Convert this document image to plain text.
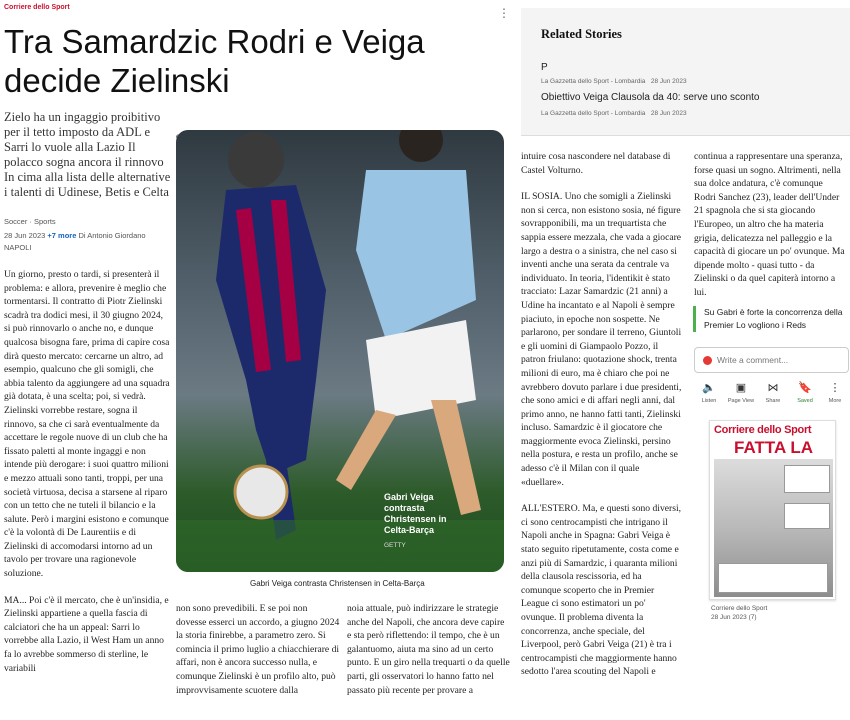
Corriere dello Sport	⋮
Tra Samardzic Rodri e Veiga decide Zielinski
Zielo ha un ingaggio proibitivo per il tetto imposto da ADL e Sarri lo vuole alla Lazio Il polacco sogna ancora il rinnovo In cima alla lista delle alternative i talenti di Udinese, Betis e Celta
Soccer · Sports
28 Jun 2023 +7 more Di Antonio Giordano
NAPOLI

Un giorno, presto o tardi, si presenterà il problema: e allora, prevenire è meglio che tormentarsi. Il contratto di Piotr Zielinski scadrà tra dodici mesi, il 30 giugno 2024, si può rinnovarlo o anche no, e dunque qualcosa bisogna fare, prima di capire cosa dirà questo mercato: cercarne un altro, ad esempio, qualcuno che gli somigli, che abbia talento da aggiungere ad una squadra già dotata, è una scelta; poi, si vedrà. Zielinski vorrebbe restare, sogna il rinnovo, sa che ci sarà eventualmente da accettare le regole nuove di un club che ha fissato paletti al monte ingaggi e non intende più derogare: i suoi quattro milioni e mezzo attuali sono tanti, troppi, per una società virtuosa, decisa a starsene al riparo con un tetto che ne tuteli il bilancio e la salute. Però i margini esistono e comunque c'è la volontà di De Laurentiis e di Zielinski di accomodarsi intorno ad un tavolo per trovare una ragionevole soluzione.

MA... Poi c'è il mercato, che è un'insidia, e Zielinski appartiene a quella fascia di calciatori che ha un appeal: Sarri lo vorrebbe alla Lazio, il West Ham un anno fa lo avrebbe sommerso di sterline, le variabili

Gabri Veiga contrasta Christensen in Celta-Barça
GETTY
Gabri Veiga contrasta Christensen in Celta-Barça

non sono prevedibili. E se poi non dovesse esserci un accordo, a giugno 2024 la storia finirebbe, a parametro zero. Si comincia il primo luglio a chiacchierare di affari, non è ancora successo nulla, e comunque Zielinski è un profilo alto, può improvvisamente scuotere dalla

noia attuale, può indirizzare le strategie anche del Napoli, che ancora deve capire e sta però riflettendo: il tempo, che è un galantuomo, aiuta ma sino ad un certo punto. E un giro nella trequarti o da quelle parti, gli osservatori lo hanno fatto nel passato più recente per provare a

intuire cosa nascondere nel database di Castel Volturno.

IL SOSIA. Uno che somigli a Zielinski non si cerca, non esistono sosia, né figure sovrapponibili, ma un trequartista che sappia essere mezzala, che vada a giocare largo a destra o a sinistra, che nel caso si inventi anche una serata da centrale va individuato. In teoria, l'identikit è stato tracciato: Lazar Samardzic (21 anni) a Udine ha incantato e al Napoli è sempre piaciuto, in epoche non sospette. Ne parlarono, per sondare il terreno, Giuntoli e gli uomini di Giampaolo Pozzo, il patron friulano: quotazione shock, trenta milioni di euro, ma è chiaro che poi ne avrebbero dovuto parlare i due presidenti, che sono amici e di affari negli anni, dal primo anno, ne hanno fatti tanti, Zielinski incluso. Samardzic è il giocatore che maggiormente evoca Zielinski, persino nella postura, e resta un profilo, anche se adesso c'è il Milan con il quale «duellare».

ALL'ESTERO. Ma, e questi sono diversi, ci sono centrocampisti che intrigano il Napoli anche in Spagna: Gabri Veiga è stato seguito ripetutamente, costa come e anzi più di Samardzic, i quaranta milioni della clausola rescissoria, ed ha comunque scoperto che in Premier League ci sono estimatori un po' ovunque. Il problema diventa la concorrenza, anche speciale, del Liverpool, però Gabri Veiga (21) è tra i centrocampisti che maggiormente hanno sedotto l'area scouting del Napoli e

continua a rappresentare una speranza, forse quasi un sogno. Altrimenti, nella sua dolce andatura, c'è comunque Rodri Sanchez (23), leader dell'Under 21 spagnola che si sta giocando l'Europeo, un altro che ha materia grigia, delicatezza nel palleggio e la capacità di giocare un po' ovunque. Ma dipende molto - quasi tutto - da Zielinski o da quel capiterà intorno a lui.

Related Stories
P
La Gazzetta dello Sport - Lombardia 28 Jun 2023
Obiettivo Veiga Clausola da 40: serve uno sconto
La Gazzetta dello Sport - Lombardia 28 Jun 2023
Su Gabri è forte la concorrenza della Premier Lo vogliono i Reds
Write a comment...
🔈
Listen
▣
Page View
⋈
Share
🔖
Saved
⋮
More
Corriere dello Sport
FATTA LA
Corriere dello Sport
28 Jun 2023 (7)
